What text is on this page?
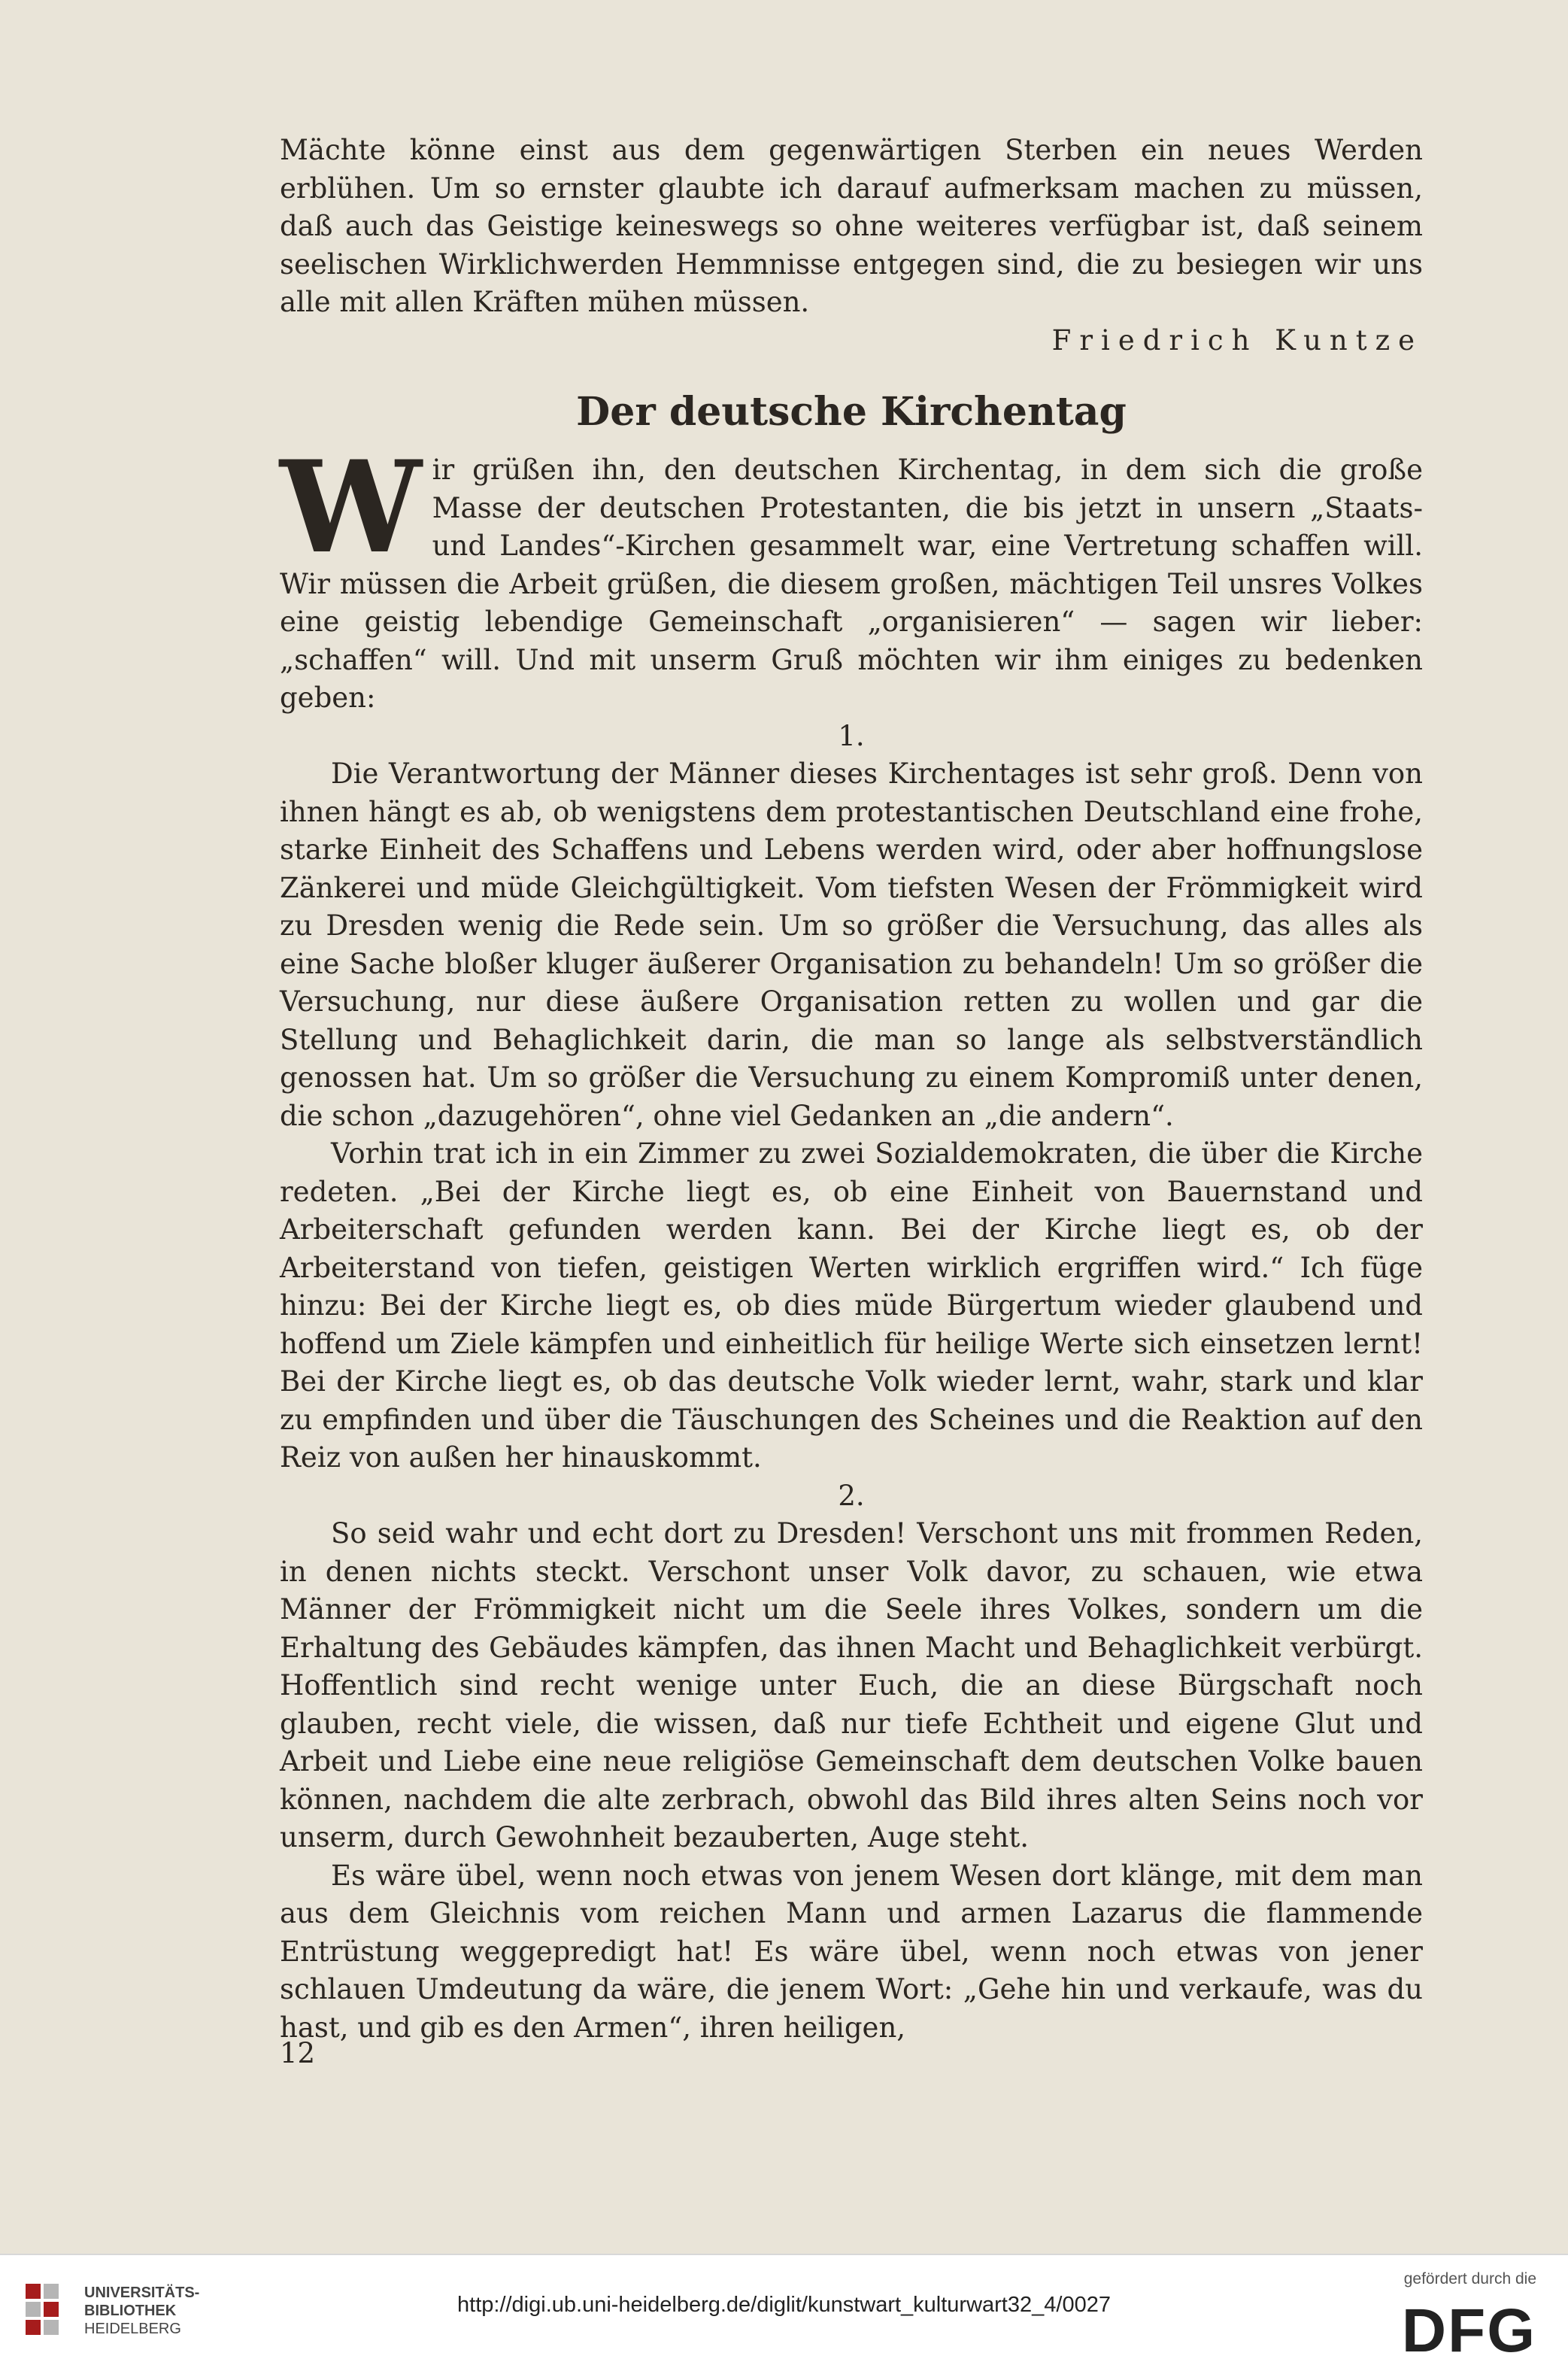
Mächte könne einst aus dem gegenwärtigen Sterben ein neues Werden erblühen. Um so ernster glaubte ich darauf aufmerksam machen zu müssen, daß auch das Geistige keineswegs so ohne weiteres verfügbar ist, daß seinem seelischen Wirklichwerden Hemmnisse entgegen sind, die zu besiegen wir uns alle mit allen Kräften mühen müssen.

Friedrich Kuntze
Der deutsche Kirchentag

Wir grüßen ihn, den deutschen Kirchentag, in dem sich die große Masse der deutschen Protestanten, die bis jetzt in unsern „Staats- und Landes“-Kirchen gesammelt war, eine Vertretung schaffen will. Wir müssen die Arbeit grüßen, die diesem großen, mächtigen Teil unsres Volkes eine geistig lebendige Gemeinschaft „organisieren“ — sagen wir lieber: „schaffen“ will. Und mit unserm Gruß möchten wir ihm einiges zu bedenken geben:

1.

Die Verantwortung der Männer dieses Kirchentages ist sehr groß. Denn von ihnen hängt es ab, ob wenigstens dem protestantischen Deutschland eine frohe, starke Einheit des Schaffens und Lebens werden wird, oder aber hoffnungslose Zänkerei und müde Gleichgültigkeit. Vom tiefsten Wesen der Frömmigkeit wird zu Dresden wenig die Rede sein. Um so größer die Versuchung, das alles als eine Sache bloßer kluger äußerer Organisation zu behandeln! Um so größer die Versuchung, nur diese äußere Organisation retten zu wollen und gar die Stellung und Behaglichkeit darin, die man so lange als selbstverständlich genossen hat. Um so größer die Versuchung zu einem Kompromiß unter denen, die schon „dazugehören“, ohne viel Gedanken an „die andern“.

Vorhin trat ich in ein Zimmer zu zwei Sozialdemokraten, die über die Kirche redeten. „Bei der Kirche liegt es, ob eine Einheit von Bauernstand und Arbeiterschaft gefunden werden kann. Bei der Kirche liegt es, ob der Arbeiterstand von tiefen, geistigen Werten wirklich ergriffen wird.“ Ich füge hinzu: Bei der Kirche liegt es, ob dies müde Bürgertum wieder glaubend und hoffend um Ziele kämpfen und einheitlich für heilige Werte sich einsetzen lernt! Bei der Kirche liegt es, ob das deutsche Volk wieder lernt, wahr, stark und klar zu empfinden und über die Täuschungen des Scheines und die Reaktion auf den Reiz von außen her hinauskommt.

2.

So seid wahr und echt dort zu Dresden! Verschont uns mit frommen Reden, in denen nichts steckt. Verschont unser Volk davor, zu schauen, wie etwa Männer der Frömmigkeit nicht um die Seele ihres Volkes, sondern um die Erhaltung des Gebäudes kämpfen, das ihnen Macht und Behaglichkeit verbürgt. Hoffentlich sind recht wenige unter Euch, die an diese Bürgschaft noch glauben, recht viele, die wissen, daß nur tiefe Echtheit und eigene Glut und Arbeit und Liebe eine neue religiöse Gemeinschaft dem deutschen Volke bauen können, nachdem die alte zerbrach, obwohl das Bild ihres alten Seins noch vor unserm, durch Gewohnheit bezauberten, Auge steht.

Es wäre übel, wenn noch etwas von jenem Wesen dort klänge, mit dem man aus dem Gleichnis vom reichen Mann und armen Lazarus die flammende Entrüstung weggepredigt hat! Es wäre übel, wenn noch etwas von jener schlauen Umdeutung da wäre, die jenem Wort: „Gehe hin und verkaufe, was du hast, und gib es den Armen“, ihren heiligen,

12
UNIVERSITÄTS-
BIBLIOTHEK
HEIDELBERG
http://digi.ub.uni-heidelberg.de/diglit/kunstwart_kulturwart32_4/0027
gefördert durch die
DFG
